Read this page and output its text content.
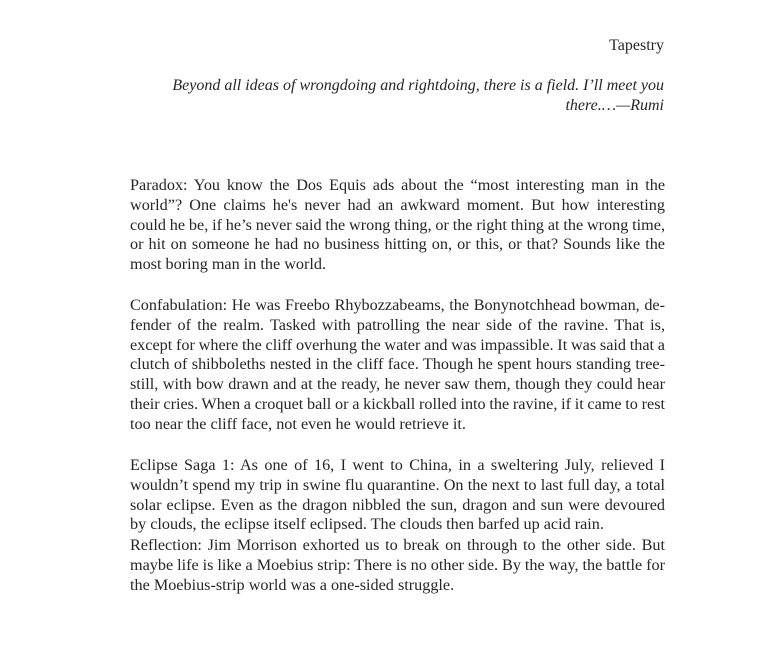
Tapestry
Beyond all ideas of wrongdoing and rightdoing, there is a field. I’ll meet you
there.…—Rumi
Paradox: You know the Dos Equis ads about the “most interesting man in the
world”? One claims he's never had an awkward moment. But how interesting
could he be, if he’s never said the wrong thing, or the right thing at the wrong time,
or hit on someone he had no business hitting on, or this, or that? Sounds like the
most boring man in the world.
Confabulation: He was Freebo Rhybozzabeams, the Bonynotchhead bowman, de-
fender of the realm. Tasked with patrolling the near side of the ravine. That is,
except for where the cliff overhung the water and was impassible. It was said that a
clutch of shibboleths nested in the cliff face. Though he spent hours standing tree-
still, with bow drawn and at the ready, he never saw them, though they could hear
their cries. When a croquet ball or a kickball rolled into the ravine, if it came to rest
too near the cliff face, not even he would retrieve it.
Eclipse Saga 1: As one of 16, I went to China, in a sweltering July, relieved I
wouldn’t spend my trip in swine flu quarantine. On the next to last full day, a total
solar eclipse. Even as the dragon nibbled the sun, dragon and sun were devoured
by clouds, the eclipse itself eclipsed. The clouds then barfed up acid rain.
Reflection: Jim Morrison exhorted us to break on through to the other side. But
maybe life is like a Moebius strip: There is no other side. By the way, the battle for
the Moebius-strip world was a one-sided struggle.
